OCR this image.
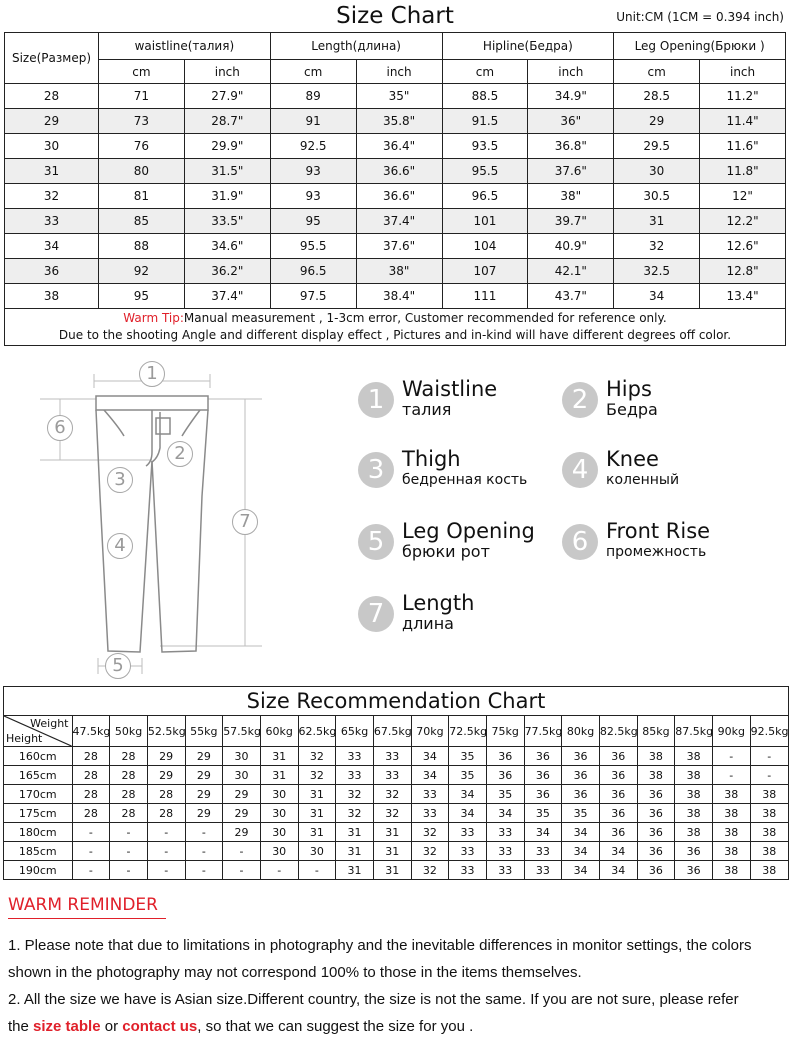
Size Chart	Unit:CM (1CM = 0.394 inch)
Size(Размер)	waistline(талия)		Length(длина)		Hipline(Бедра)		Leg Opening(Брюки )	
	cm	inch	cm	inch	cm	inch	cm	inch
28	71	27.9"	89	35"	88.5	34.9"	28.5	11.2"
29	73	28.7"	91	35.8"	91.5	36"	29	11.4"
30	76	29.9"	92.5	36.4"	93.5	36.8"	29.5	11.6"
31	80	31.5"	93	36.6"	95.5	37.6"	30	11.8"
32	81	31.9"	93	36.6"	96.5	38"	30.5	12"
33	85	33.5"	95	37.4"	101	39.7"	31	12.2"
34	88	34.6"	95.5	37.6"	104	40.9"	32	12.6"
36	92	36.2"	96.5	38"	107	42.1"	32.5	12.8"
38	95	37.4"	97.5	38.4"	111	43.7"	34	13.4"
Warm Tip:Manual measurement , 1-3cm error, Customer recommended for reference only.
Due to the shooting Angle and different display effect , Pictures and in-kind will have different degrees off color.								
1
2
3
4
5
6
7
1 Waistline
талия	2 Hips
Бедра
3 Thigh
бедренная кость	4 Knee
коленный
5 Leg Opening
брюки рот	6 Front Rise
промежность
7 Length
длина
Size Recommendation Chart
Weight
Height	47.5kg	50kg	52.5kg	55kg	57.5kg	60kg	62.5kg	65kg	67.5kg	70kg	72.5kg	75kg	77.5kg	80kg	82.5kg	85kg	87.5kg	90kg	92.5kg
160cm	28	28	29	29	30	31	32	33	33	34	35	36	36	36	36	38	38	-	-
165cm	28	28	29	29	30	31	32	33	33	34	35	36	36	36	36	38	38	-	-
170cm	28	28	28	29	29	30	31	32	32	33	34	35	36	36	36	36	38	38	38
175cm	28	28	28	29	29	30	31	32	32	33	34	34	35	35	36	36	38	38	38
180cm	-	-	-	-	29	30	31	31	31	32	33	33	34	34	36	36	38	38	38
185cm	-	-	-	-	-	30	30	31	31	32	33	33	33	34	34	36	36	38	38
190cm	-	-	-	-	-	-	-	31	31	32	33	33	33	34	34	36	36	38	38
WARM REMINDER
1. Please note that due to limitations in photography and the inevitable differences in monitor settings, the colors
shown in the photography may not correspond 100% to those in the items themselves.
2. All the size we have is Asian size.Different country, the size is not the same. If you are not sure, please refer
the size table or contact us, so that we can suggest the size for you .
